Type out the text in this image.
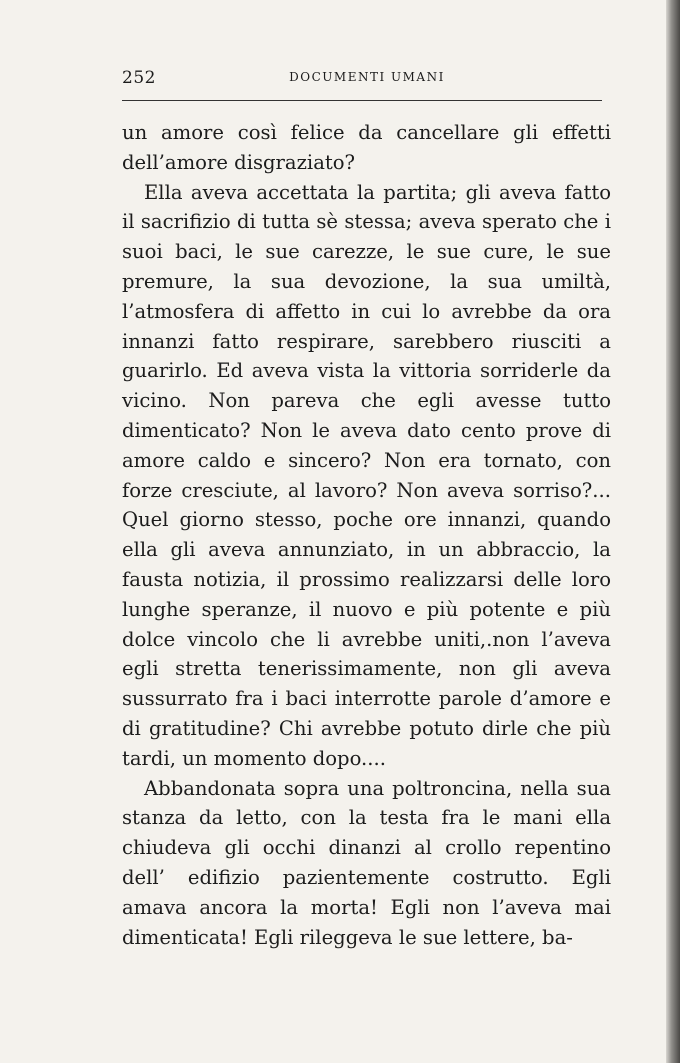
252	DOCUMENTI UMANI

un amore così felice da cancellare gli effetti dell’amore disgraziato?

Ella aveva accettata la partita; gli aveva fatto il sacrifizio di tutta sè stessa; aveva sperato che i suoi baci, le sue carezze, le sue cure, le sue premure, la sua devozione, la sua umiltà, l’atmosfera di affetto in cui lo avrebbe da ora innanzi fatto respirare, sarebbero riusciti a guarirlo. Ed aveva vista la vittoria sorriderle da vicino. Non pareva che egli avesse tutto dimenticato? Non le aveva dato cento prove di amore caldo e sincero? Non era tornato, con forze cresciute, al lavoro? Non aveva sorriso?... Quel giorno stesso, poche ore innanzi, quando ella gli aveva annunziato, in un abbraccio, la fausta notizia, il prossimo realizzarsi delle loro lunghe speranze, il nuovo e più potente e più dolce vincolo che li avrebbe uniti,.non l’aveva egli stretta tenerissimamente, non gli aveva sussurrato fra i baci interrotte parole d’amore e di gratitudine? Chi avrebbe potuto dirle che più tardi, un momento dopo....

Abbandonata sopra una poltroncina, nella sua stanza da letto, con la testa fra le mani ella chiudeva gli occhi dinanzi al crollo repentino dell’ edifizio pazientemente costrutto. Egli amava ancora la morta! Egli non l’aveva mai dimenticata! Egli rileggeva le sue lettere, ba-
